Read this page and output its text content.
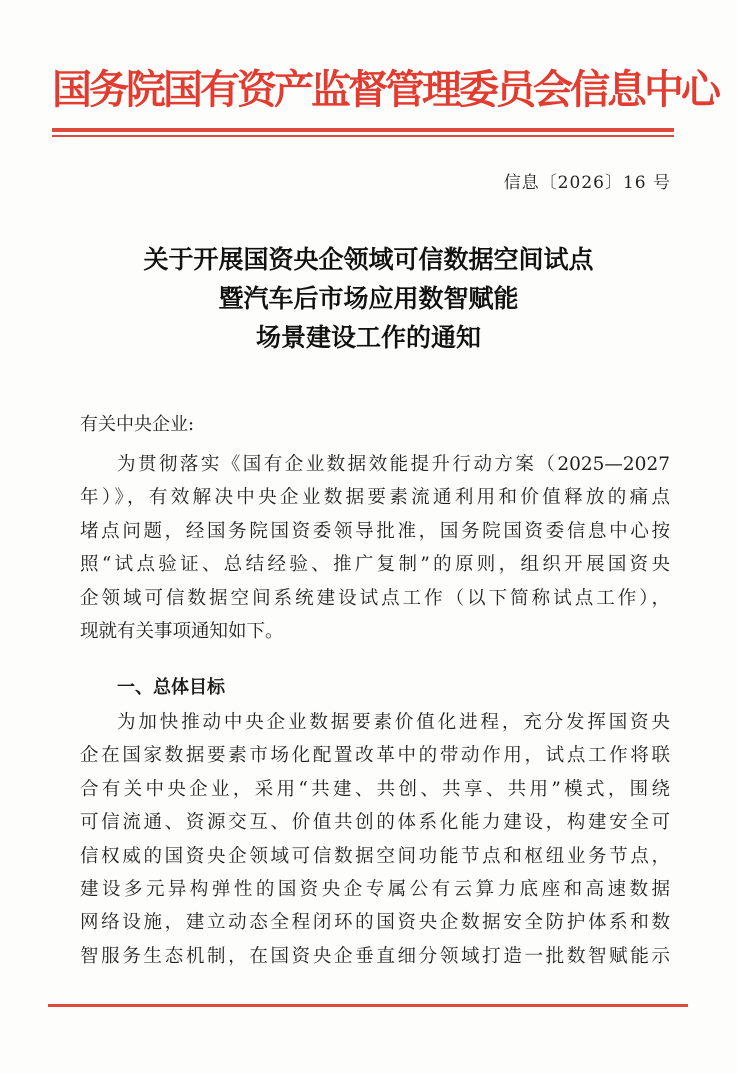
国务院国有资产监督管理委员会信息中心
信息〔2026〕16 号
关于开展国资央企领域可信数据空间试点
暨汽车后市场应用数智赋能
场景建设工作的通知
有关中央企业:
为贯彻落实《国有企业数据效能提升行动方案（2025—2027
年）》，有效解决中央企业数据要素流通利用和价值释放的痛点
堵点问题，经国务院国资委领导批准，国务院国资委信息中心按
照“试点验证、总结经验、推广复制”的原则，组织开展国资央
企领域可信数据空间系统建设试点工作（以下简称试点工作），
现就有关事项通知如下。
一、总体目标
为加快推动中央企业数据要素价值化进程，充分发挥国资央
企在国家数据要素市场化配置改革中的带动作用，试点工作将联
合有关中央企业，采用“共建、共创、共享、共用”模式，围绕
可信流通、资源交互、价值共创的体系化能力建设，构建安全可
信权威的国资央企领域可信数据空间功能节点和枢纽业务节点，
建设多元异构弹性的国资央企专属公有云算力底座和高速数据
网络设施，建立动态全程闭环的国资央企数据安全防护体系和数
智服务生态机制，在国资央企垂直细分领域打造一批数智赋能示
